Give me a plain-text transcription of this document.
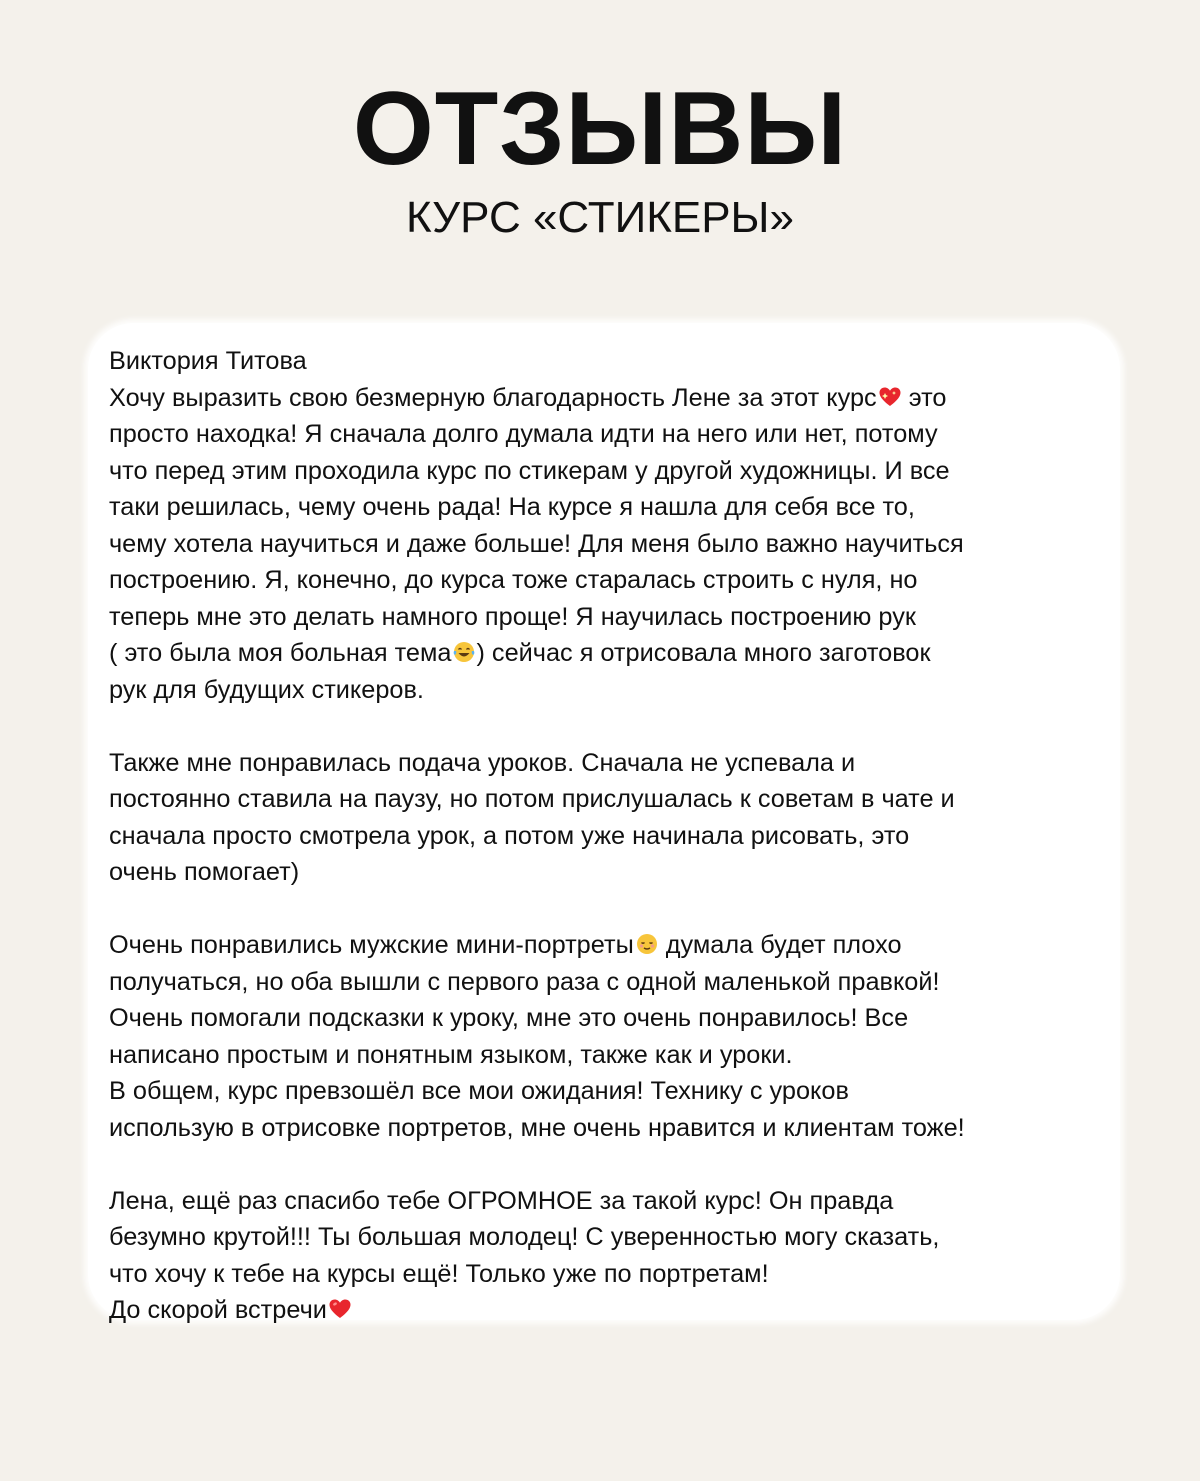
ОТЗЫВЫ
КУРС «СТИКЕРЫ»
Виктория Титова

Хочу выразить свою безмерную благодарность Лене за этот курс это
просто находка! Я сначала долго думала идти на него или нет, потому
что перед этим проходила курс по стикерам у другой художницы. И все
таки решилась, чему очень рада! На курсе я нашла для себя все то,
чему хотела научиться и даже больше! Для меня было важно научиться
построению. Я, конечно, до курса тоже старалась строить с нуля, но
теперь мне это делать намного проще! Я научилась построению рук
( это была моя больная тема ) сейчас я отрисовала много заготовок
рук для будущих стикеров.

Также мне понравилась подача уроков. Сначала не успевала и
постоянно ставила на паузу, но потом прислушалась к советам в чате и
сначала просто смотрела урок, а потом уже начинала рисовать, это
очень помогает)

Очень понравились мужские мини-портреты думала будет плохо
получаться, но оба вышли с первого раза с одной маленькой правкой!
Очень помогали подсказки к уроку, мне это очень понравилось! Все
написано простым и понятным языком, также как и уроки.
В общем, курс превзошёл все мои ожидания! Технику с уроков
использую в отрисовке портретов, мне очень нравится и клиентам тоже!

Лена, ещё раз спасибо тебе ОГРОМНОЕ за такой курс! Он правда
безумно крутой!!! Ты большая молодец! С уверенностью могу сказать,
что хочу к тебе на курсы ещё! Только уже по портретам!
До скорой встречи
